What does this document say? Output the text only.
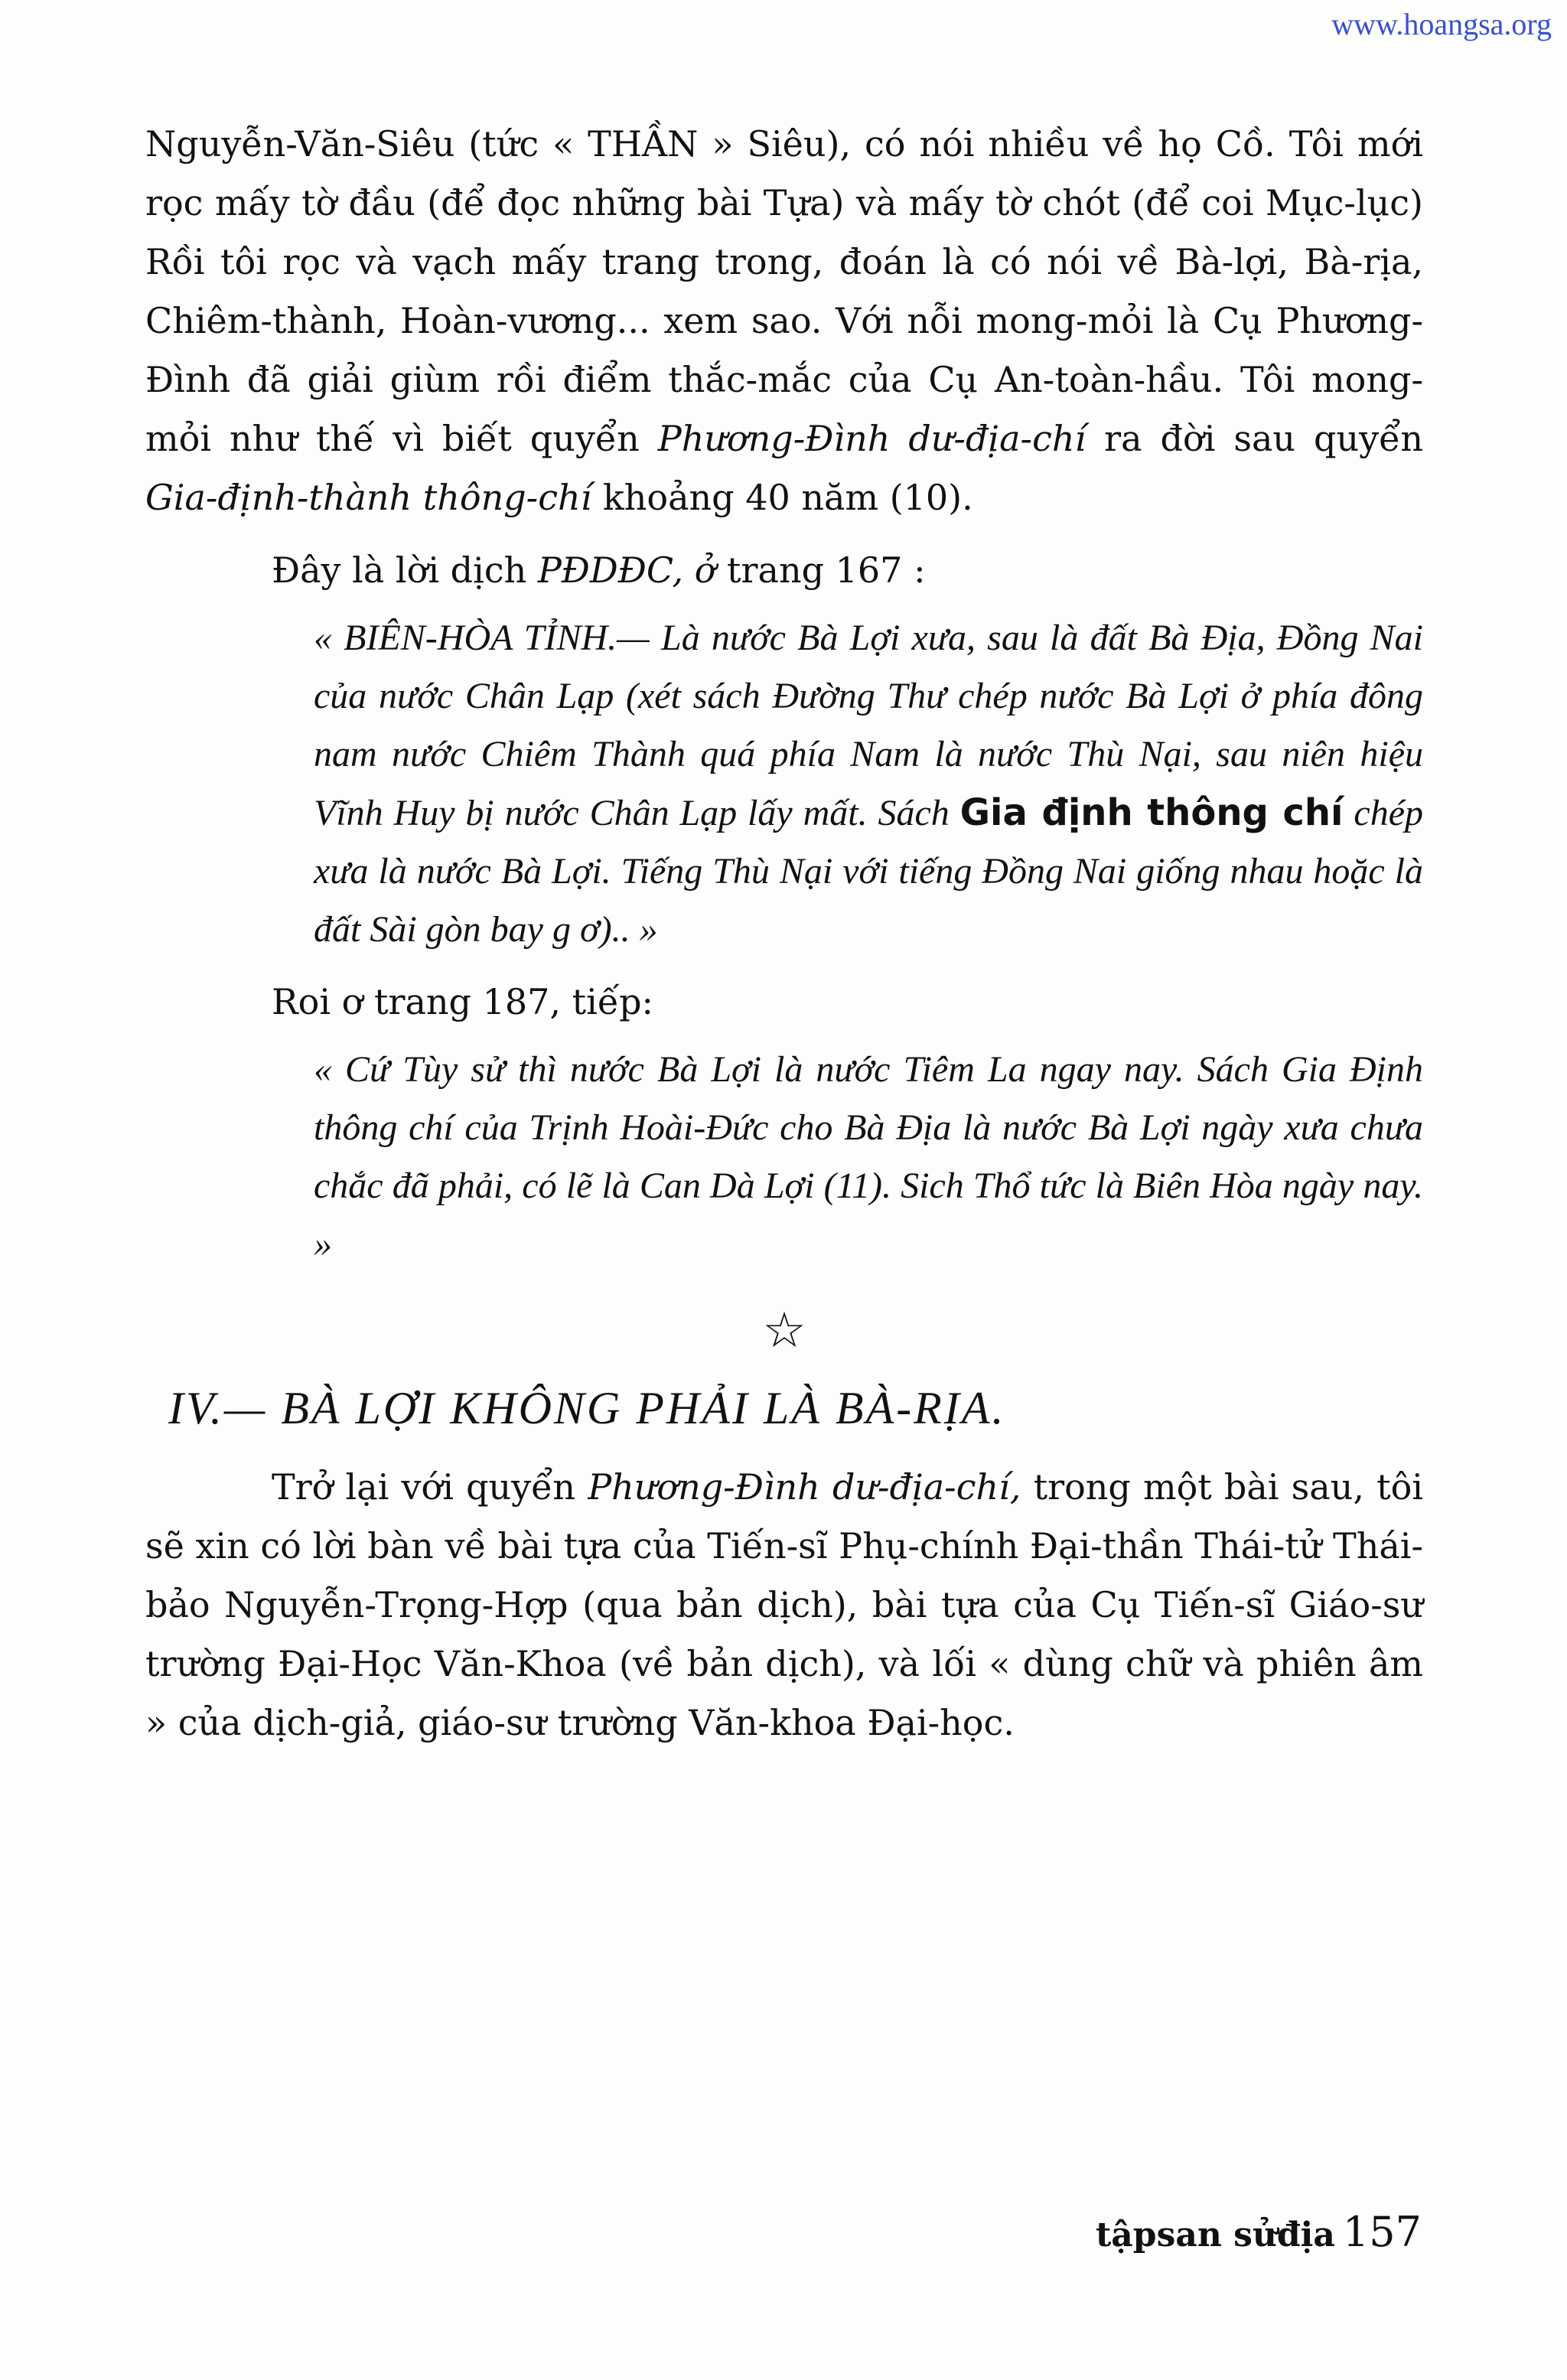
www.hoangsa.org

Nguyễn-Văn-Siêu (tức « THẦN » Siêu), có nói nhiều về họ Cồ. Tôi mới rọc mấy tờ đầu (để đọc những bài Tựa) và mấy tờ chót (để coi Mục-lục) Rồi tôi rọc và vạch mấy trang trong, đoán là có nói về Bà-lợi, Bà-rịa, Chiêm-thành, Hoàn-vương... xem sao. Với nỗi mong-mỏi là Cụ Phương-Đình đã giải giùm rồi điểm thắc-mắc của Cụ An-toàn-hầu. Tôi mong-mỏi như thế vì biết quyển Phương-Đình dư-địa-chí ra đời sau quyển Gia-định-thành thông-chí khoảng 40 năm (10).

Đây là lời dịch PĐDĐC, ở trang 167 :

« BIÊN-HÒA TỈNH.— Là nước Bà Lợi xưa, sau là đất Bà Địa, Đồng Nai của nước Chân Lạp (xét sách Đường Thư chép nước Bà Lợi ở phía đông nam nước Chiêm Thành quá phía Nam là nước Thù Nại, sau niên hiệu Vĩnh Huy bị nước Chân Lạp lấy mất. Sách Gia định thông chí chép xưa là nước Bà Lợi. Tiếng Thù Nại với tiếng Đồng Nai giống nhau hoặc là đất Sài gòn bay g ơ).. »

Roi ơ trang 187, tiếp:

« Cứ Tùy sử thì nước Bà Lợi là nước Tiêm La ngay nay. Sách Gia Định thông chí của Trịnh Hoài-Đức cho Bà Địa là nước Bà Lợi ngày xưa chưa chắc đã phải, có lẽ là Can Dà Lợi (11). Sich Thổ tức là Biên Hòa ngày nay. »

☆
IV.— BÀ LỢI KHÔNG PHẢI LÀ BÀ-RỊA.

Trở lại với quyển Phương-Đình dư-địa-chí, trong một bài sau, tôi sẽ xin có lời bàn về bài tựa của Tiến-sĩ Phụ-chính Đại-thần Thái-tử Thái-bảo Nguyễn-Trọng-Hợp (qua bản dịch), bài tựa của Cụ Tiến-sĩ Giáo-sư trường Đại-Học Văn-Khoa (về bản dịch), và lối « dùng chữ và phiên âm » của dịch-giả, giáo-sư trường Văn-khoa Đại-học.

tậpsan sửđịa 157
